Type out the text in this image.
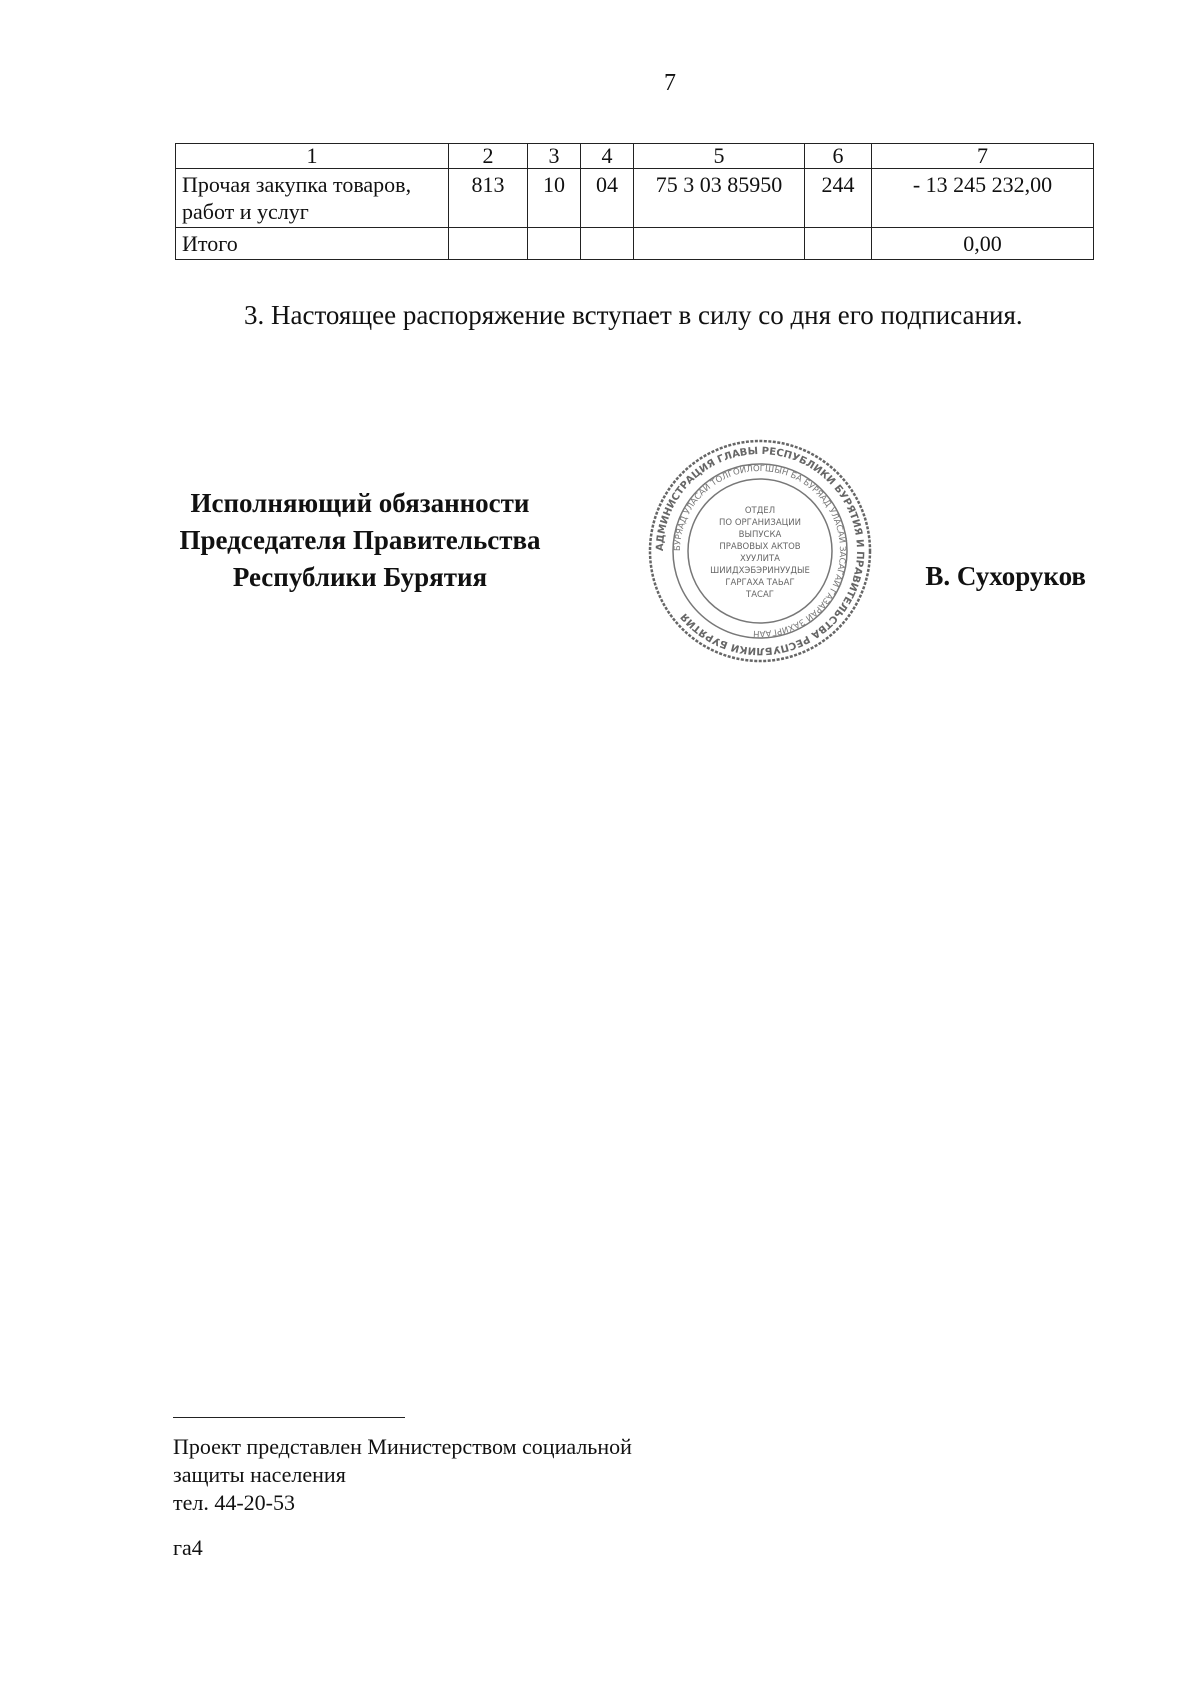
7
1	2	3	4	5	6	7
Прочая закупка товаров, работ и услуг	813	10	04	75 3 03 85950	244	- 13 245 232,00
Итого						0,00
3. Настоящее распоряжение вступает в силу со дня его подписания.
Исполняющий обязанности
Председателя Правительства
Республики Бурятия
АДМИНИСТРАЦИЯ ГЛАВЫ РЕСПУБЛИКИ БУРЯТИЯ И ПРАВИТЕЛЬСТВА РЕСПУБЛИКИ БУРЯТИЯ
БУРЯАД УЛАСАЙ ТОЛГОЙЛОГШЫН БА БУРЯАД УЛАСАЙ ЗАСАГАЙ ГАЗАРАЙ ЗАХИРГААН
ОТДЕЛ
ПО ОРГАНИЗАЦИИ
ВЫПУСКА
ПРАВОВЫХ АКТОВ
ХУУЛИТА
ШИИДХЭБЭРИНУУДЫЕ
ГАРГАХА ТАЬАГ
ТАСАГ
В. Сухоруков
Проект представлен Министерством социальной
защиты населения
тел. 44-20-53
га4
